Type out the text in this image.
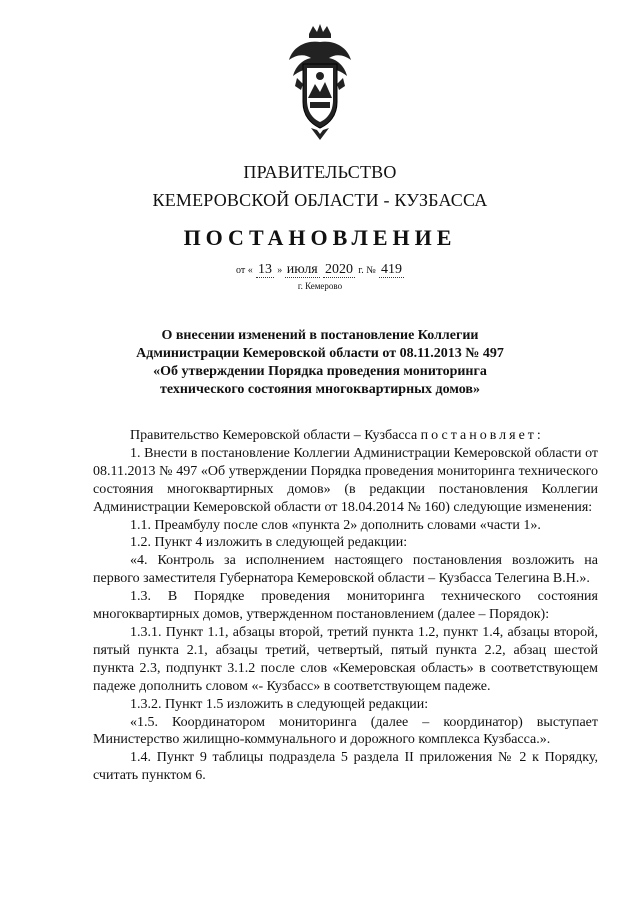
ПРАВИТЕЛЬСТВО
КЕМЕРОВСКОЙ ОБЛАСТИ - КУЗБАССА
ПОСТАНОВЛЕНИЕ
от « 13 » июля 2020 г. № 419
г. Кемерово
О внесении изменений в постановление Коллегии
Администрации Кемеровской области от 08.11.2013 № 497
«Об утверждении Порядка проведения мониторинга
технического состояния многоквартирных домов»

Правительство Кемеровской области – Кузбасса постановляет:

1. Внести в постановление Коллегии Администрации Кемеровской области от 08.11.2013 № 497 «Об утверждении Порядка проведения мониторинга технического состояния многоквартирных домов» (в редакции постановления Коллегии Администрации Кемеровской области от 18.04.2014 № 160) следующие изменения:

1.1. Преамбулу после слов «пункта 2» дополнить словами «части 1».

1.2. Пункт 4 изложить в следующей редакции:

«4. Контроль за исполнением настоящего постановления возложить на первого заместителя Губернатора Кемеровской области – Кузбасса Телегина В.Н.».

1.3. В Порядке проведения мониторинга технического состояния многоквартирных домов, утвержденном постановлением (далее – Порядок):

1.3.1. Пункт 1.1, абзацы второй, третий пункта 1.2, пункт 1.4, абзацы второй, пятый пункта 2.1, абзацы третий, четвертый, пятый пункта 2.2, абзац шестой пункта 2.3, подпункт 3.1.2 после слов «Кемеровская область» в соответствующем падеже дополнить словом «- Кузбасс» в соответствующем падеже.

1.3.2. Пункт 1.5 изложить в следующей редакции:

«1.5. Координатором мониторинга (далее – координатор) выступает Министерство жилищно-коммунального и дорожного комплекса Кузбасса.».

1.4. Пункт 9 таблицы подраздела 5 раздела II приложения № 2 к Порядку, считать пунктом 6.
